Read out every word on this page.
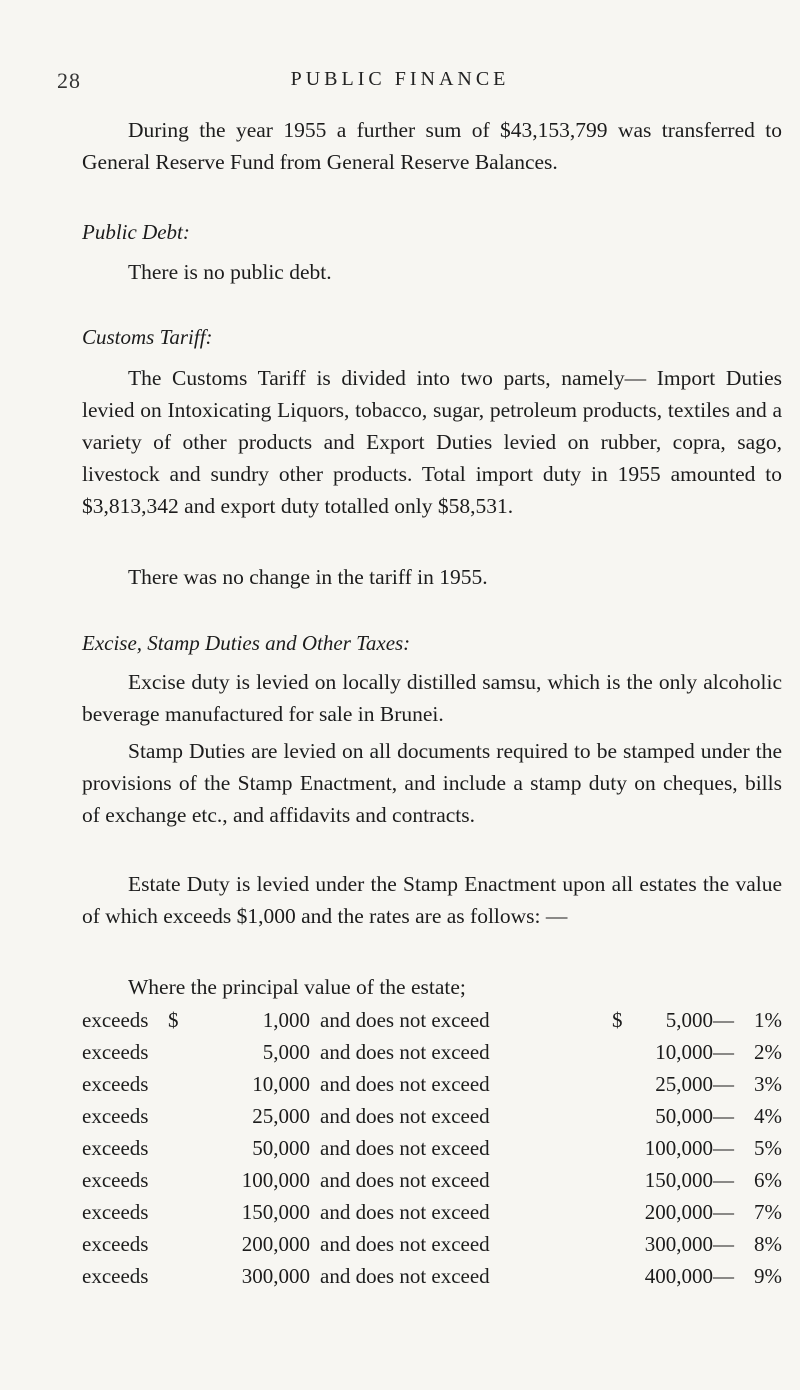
28	PUBLIC FINANCE

During the year 1955 a further sum of $43,153,799 was transferred to General Reserve Fund from General Reserve Balances.

Public Debt:

There is no public debt.

Customs Tariff:

The Customs Tariff is divided into two parts, namely— Import Duties levied on Intoxicating Liquors, tobacco, sugar, petroleum products, textiles and a variety of other products and Export Duties levied on rubber, copra, sago, livestock and sundry other products. Total import duty in 1955 amounted to $3,813,342 and export duty totalled only $58,531.

There was no change in the tariff in 1955.

Excise, Stamp Duties and Other Taxes:

Excise duty is levied on locally distilled samsu, which is the only alcoholic beverage manufactured for sale in Brunei.

Stamp Duties are levied on all documents required to be stamped under the provisions of the Stamp Enactment, and include a stamp duty on cheques, bills of exchange etc., and affidavits and contracts.

Estate Duty is levied under the Stamp Enactment upon all estates the value of which exceeds $1,000 and the rates are as follows: —

Where the principal value of the estate;

exceeds $	1,000 and does not exceed	$ 5,000— 1%
exceeds	5,000 and does not exceed	10,000— 2%
exceeds	10,000 and does not exceed	25,000— 3%
exceeds	25,000 and does not exceed	50,000— 4%
exceeds	50,000 and does not exceed	100,000— 5%
exceeds	100,000 and does not exceed	150,000— 6%
exceeds	150,000 and does not exceed	200,000— 7%
exceeds	200,000 and does not exceed	300,000— 8%
exceeds	300,000 and does not exceed	400,000— 9%
